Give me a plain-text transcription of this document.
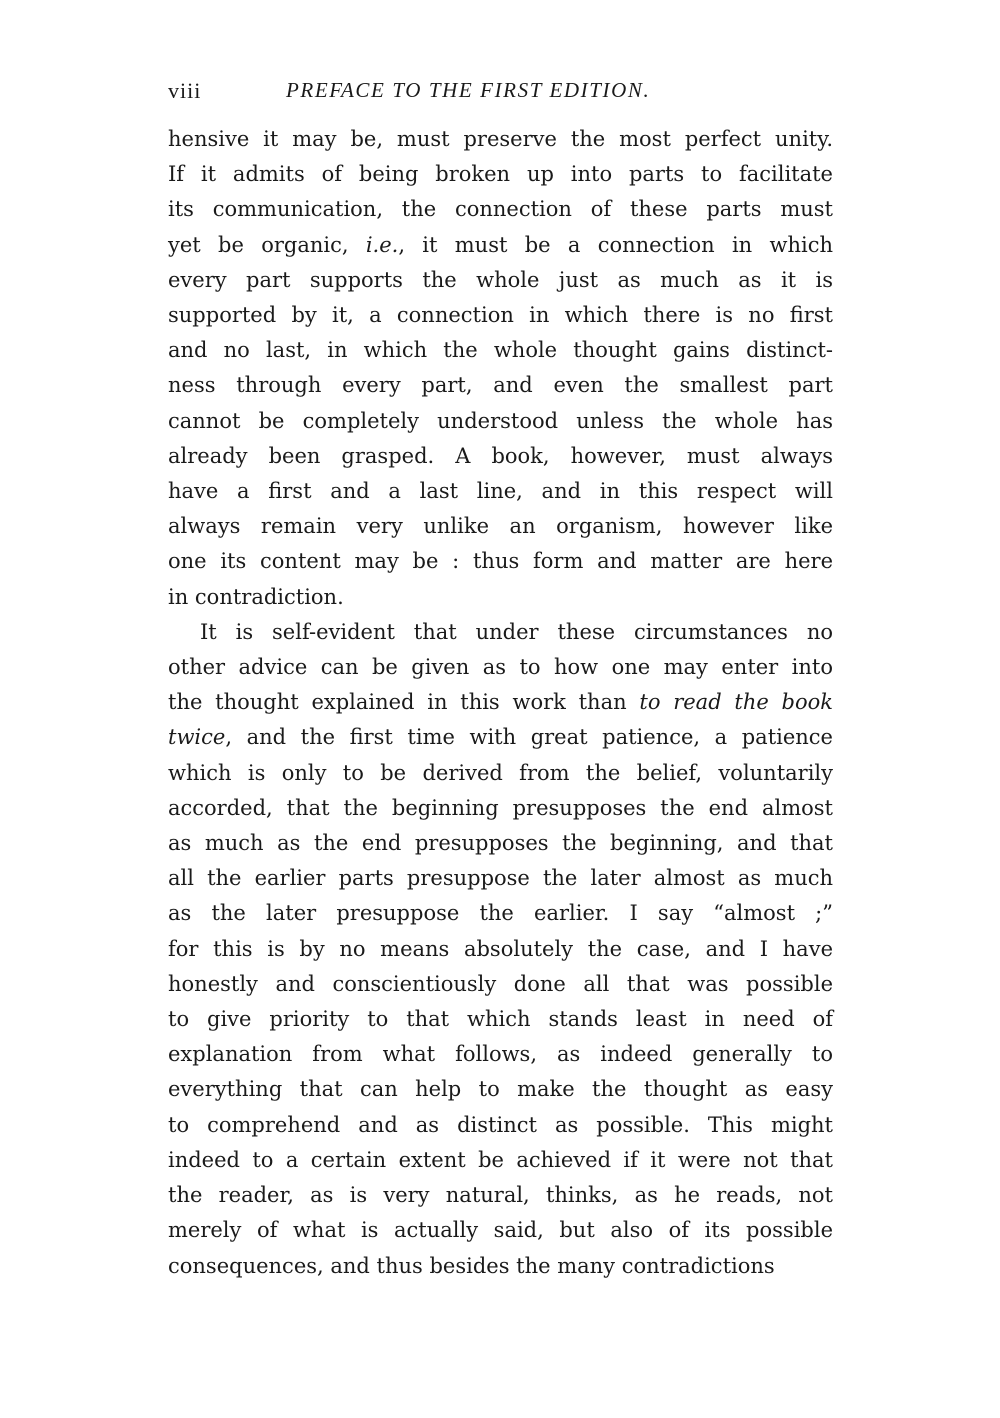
viii	PREFACE TO THE FIRST EDITION.

hensive it may be, must preserve the most perfect unity.
If it admits of being broken up into parts to facilitate
its communication, the connection of these parts must
yet be organic, i.e., it must be a connection in which
every part supports the whole just as much as it is
supported by it, a connection in which there is no first
and no last, in which the whole thought gains distinct-
ness through every part, and even the smallest part
cannot be completely understood unless the whole has
already been grasped. A book, however, must always
have a first and a last line, and in this respect will
always remain very unlike an organism, however like
one its content may be : thus form and matter are here
in contradiction.

It is self-evident that under these circumstances no
other advice can be given as to how one may enter into
the thought explained in this work than to read the book
twice, and the first time with great patience, a patience
which is only to be derived from the belief, voluntarily
accorded, that the beginning presupposes the end almost
as much as the end presupposes the beginning, and that
all the earlier parts presuppose the later almost as much
as the later presuppose the earlier. I say “almost ;”
for this is by no means absolutely the case, and I have
honestly and conscientiously done all that was possible
to give priority to that which stands least in need of
explanation from what follows, as indeed generally to
everything that can help to make the thought as easy
to comprehend and as distinct as possible. This might
indeed to a certain extent be achieved if it were not that
the reader, as is very natural, thinks, as he reads, not
merely of what is actually said, but also of its possible
consequences, and thus besides the many contradictions
